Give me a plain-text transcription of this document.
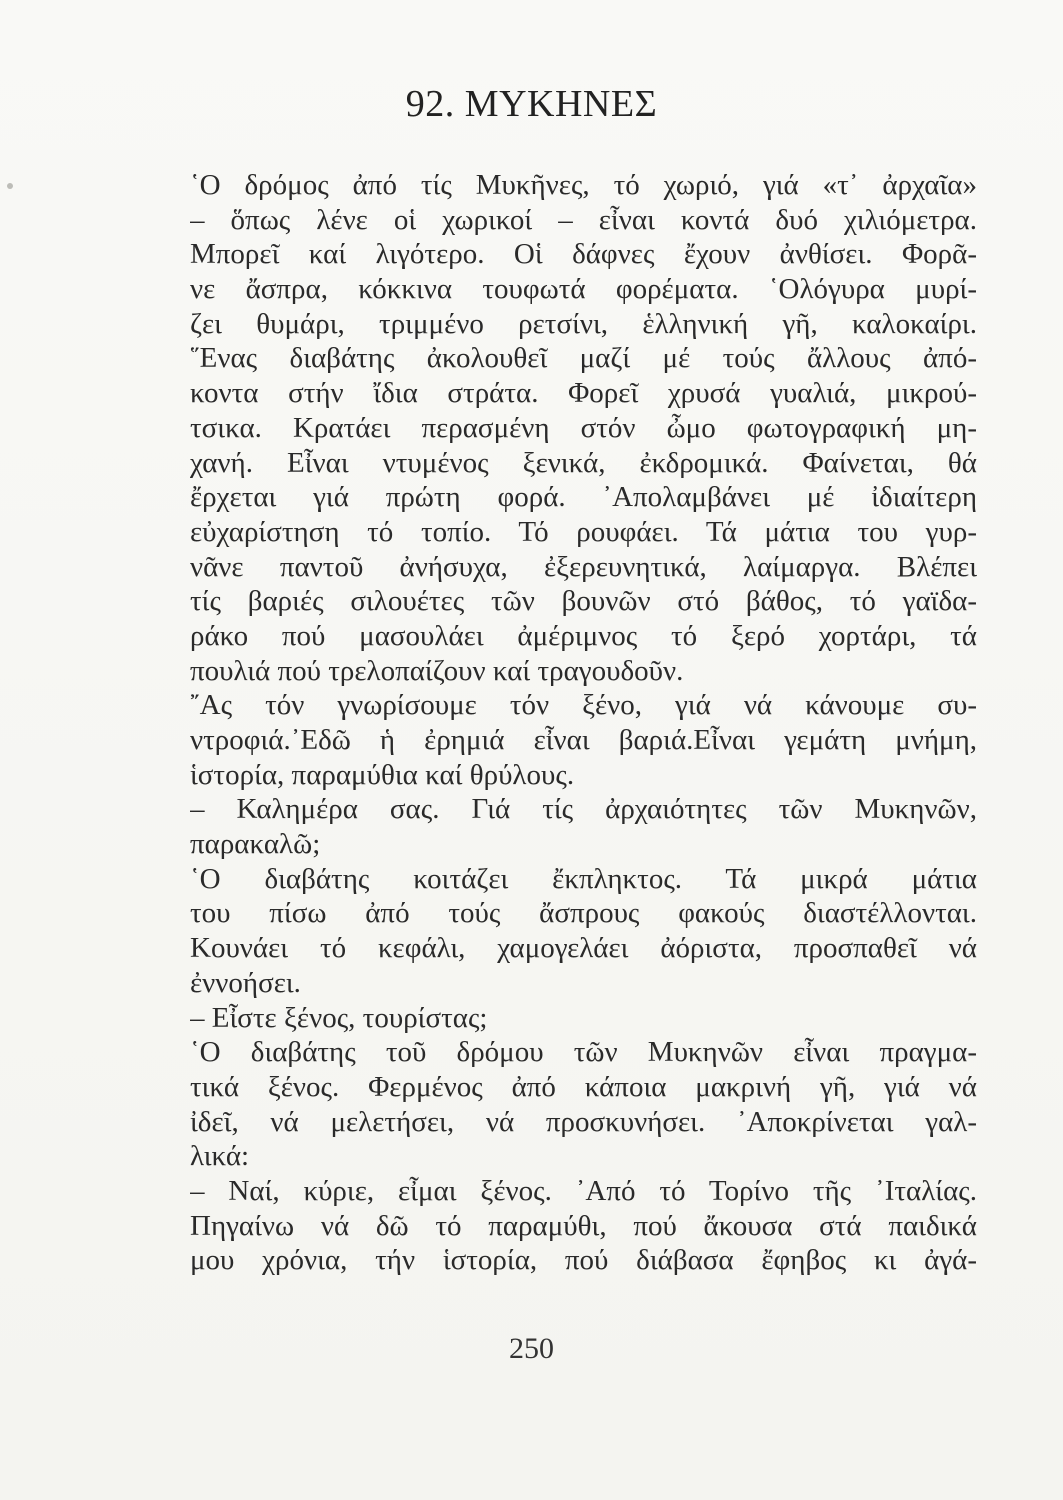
92. ΜΥΚΗΝΕΣ
῾Ο δρόμος ἀπό τίς Μυκῆνες, τό χωριό, γιά «τ᾽ ἀρχαῖα»
– ὅπως λένε οἱ χωρικοί – εἶναι κοντά δυό χιλιόμετρα.
Μπορεῖ καί λιγότερο. Οἱ δάφνες ἔχουν ἀνθίσει. Φορᾶ-
νε ἄσπρα, κόκκινα τουφωτά φορέματα. ῾Ολόγυρα μυρί-
ζει θυμάρι, τριμμένο ρετσίνι, ἑλληνική γῆ, καλοκαίρι.
῞Ενας διαβάτης ἀκολουθεῖ μαζί μέ τούς ἄλλους ἀπό-
κοντα στήν ἴδια στράτα. Φορεῖ χρυσά γυαλιά, μικρού-
τσικα. Κρατάει περασμένη στόν ὦμο φωτογραφική μη-
χανή. Εἶναι ντυμένος ξενικά, ἐκδρομικά. Φαίνεται, θά
ἔρχεται γιά πρώτη φορά. ᾽Απολαμβάνει μέ ἰδιαίτερη
εὐχαρίστηση τό τοπίο. Τό ρουφάει. Τά μάτια του γυρ-
νᾶνε παντοῦ ἀνήσυχα, ἐξερευνητικά, λαίμαργα. Βλέπει
τίς βαριές σιλουέτες τῶν βουνῶν στό βάθος, τό γαϊδα-
ράκο πού μασουλάει ἀμέριμνος τό ξερό χορτάρι, τά
πουλιά πού τρελοπαίζουν καί τραγουδοῦν.
῎Ας τόν γνωρίσουμε τόν ξένο, γιά νά κάνουμε συ-
ντροφιά.᾽Εδῶ ἡ ἐρημιά εἶναι βαριά.Εἶναι γεμάτη μνήμη,
ἱστορία, παραμύθια καί θρύλους.
– Καλημέρα σας. Γιά τίς ἀρχαιότητες τῶν Μυκηνῶν,
παρακαλῶ;
῾Ο διαβάτης κοιτάζει ἔκπληκτος. Τά μικρά μάτια
του πίσω ἀπό τούς ἄσπρους φακούς διαστέλλονται.
Κουνάει τό κεφάλι, χαμογελάει ἀόριστα, προσπαθεῖ νά
ἐννοήσει.
– Εἶστε ξένος, τουρίστας;
῾Ο διαβάτης τοῦ δρόμου τῶν Μυκηνῶν εἶναι πραγμα-
τικά ξένος. Φερμένος ἀπό κάποια μακρινή γῆ, γιά νά
ἰδεῖ, νά μελετήσει, νά προσκυνήσει. ᾽Αποκρίνεται γαλ-
λικά:
– Ναί, κύριε, εἶμαι ξένος. ᾽Από τό Τορίνο τῆς ᾽Ιταλίας.
Πηγαίνω νά δῶ τό παραμύθι, πού ἄκουσα στά παιδικά
μου χρόνια, τήν ἱστορία, πού διάβασα ἔφηβος κι ἀγά-
250
